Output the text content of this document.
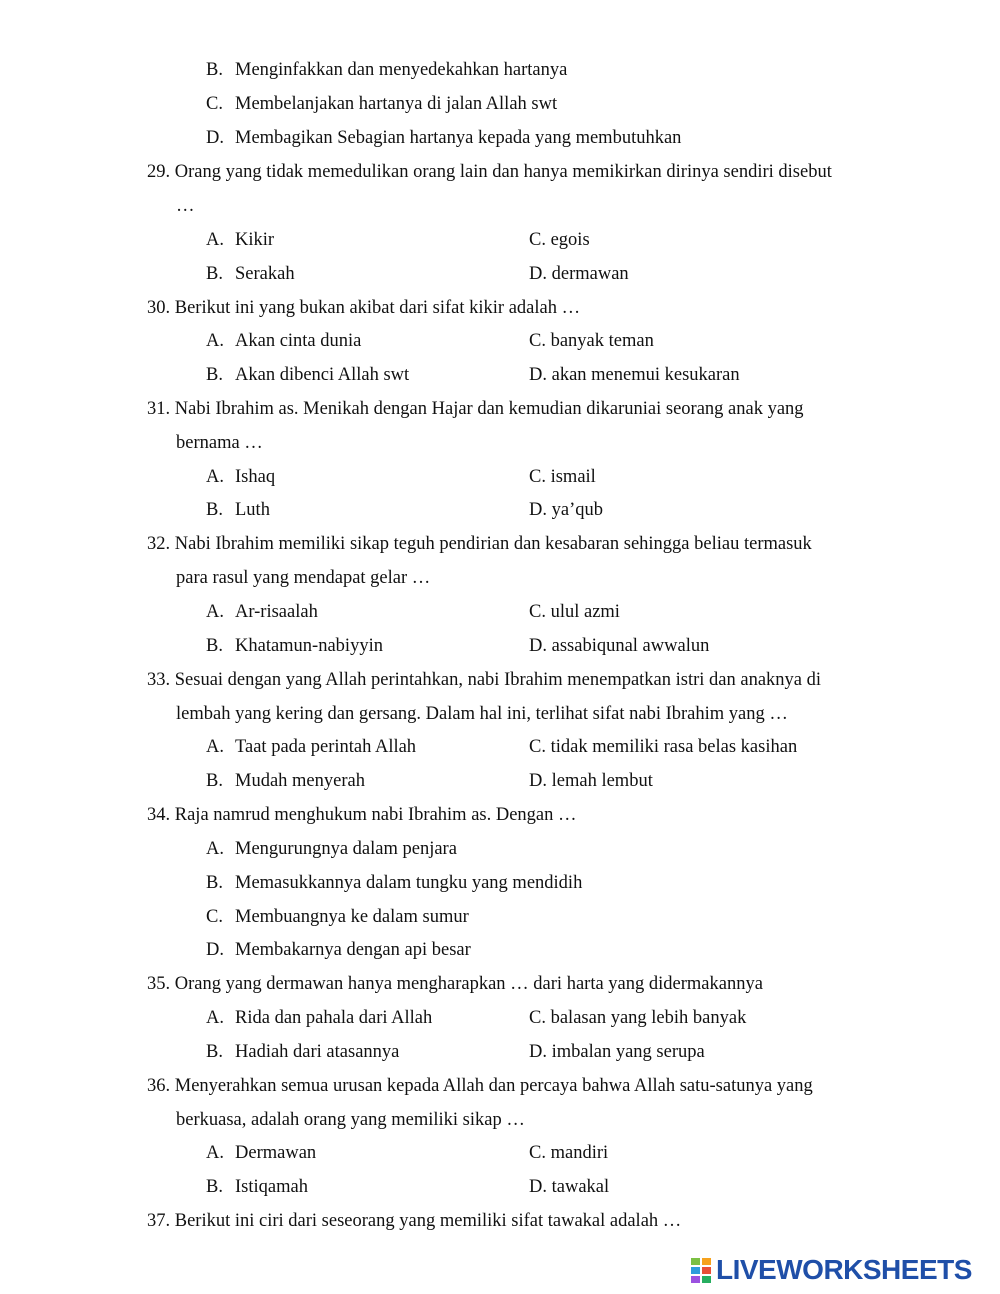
B. Menginfakkan dan menyedekahkan hartanya
C. Membelanjakan hartanya di jalan Allah swt
D. Membagikan Sebagian hartanya kepada yang membutuhkan
29. Orang yang tidak memedulikan orang lain dan hanya memikirkan dirinya sendiri disebut
…
A. Kikir	C. egois
B. Serakah	D. dermawan
30. Berikut ini yang bukan akibat dari sifat kikir adalah …
A. Akan cinta dunia	C. banyak teman
B. Akan dibenci Allah swt	D. akan menemui kesukaran
31. Nabi Ibrahim as. Menikah dengan Hajar dan kemudian dikaruniai seorang anak yang
bernama …
A. Ishaq	C. ismail
B. Luth	D. ya’qub
32. Nabi Ibrahim memiliki sikap teguh pendirian dan kesabaran sehingga beliau termasuk
para rasul yang mendapat gelar …
A. Ar-risaalah	C. ulul azmi
B. Khatamun-nabiyyin	D. assabiqunal awwalun
33. Sesuai dengan yang Allah perintahkan, nabi Ibrahim menempatkan istri dan anaknya di
lembah yang kering dan gersang. Dalam hal ini, terlihat sifat nabi Ibrahim yang …
A. Taat pada perintah Allah	C. tidak memiliki rasa belas kasihan
B. Mudah menyerah	D. lemah lembut
34. Raja namrud menghukum nabi Ibrahim as. Dengan …
A. Mengurungnya dalam penjara
B. Memasukkannya dalam tungku yang mendidih
C. Membuangnya ke dalam sumur
D. Membakarnya dengan api besar
35. Orang yang dermawan hanya mengharapkan … dari harta yang didermakannya
A. Rida dan pahala dari Allah	C. balasan yang lebih banyak
B. Hadiah dari atasannya	D. imbalan yang serupa
36. Menyerahkan semua urusan kepada Allah dan percaya bahwa Allah satu-satunya yang
berkuasa, adalah orang yang memiliki sikap …
A. Dermawan	C. mandiri
B. Istiqamah	D. tawakal
37. Berikut ini ciri dari seseorang yang memiliki sifat tawakal adalah …
LIVEWORKSHEETS
